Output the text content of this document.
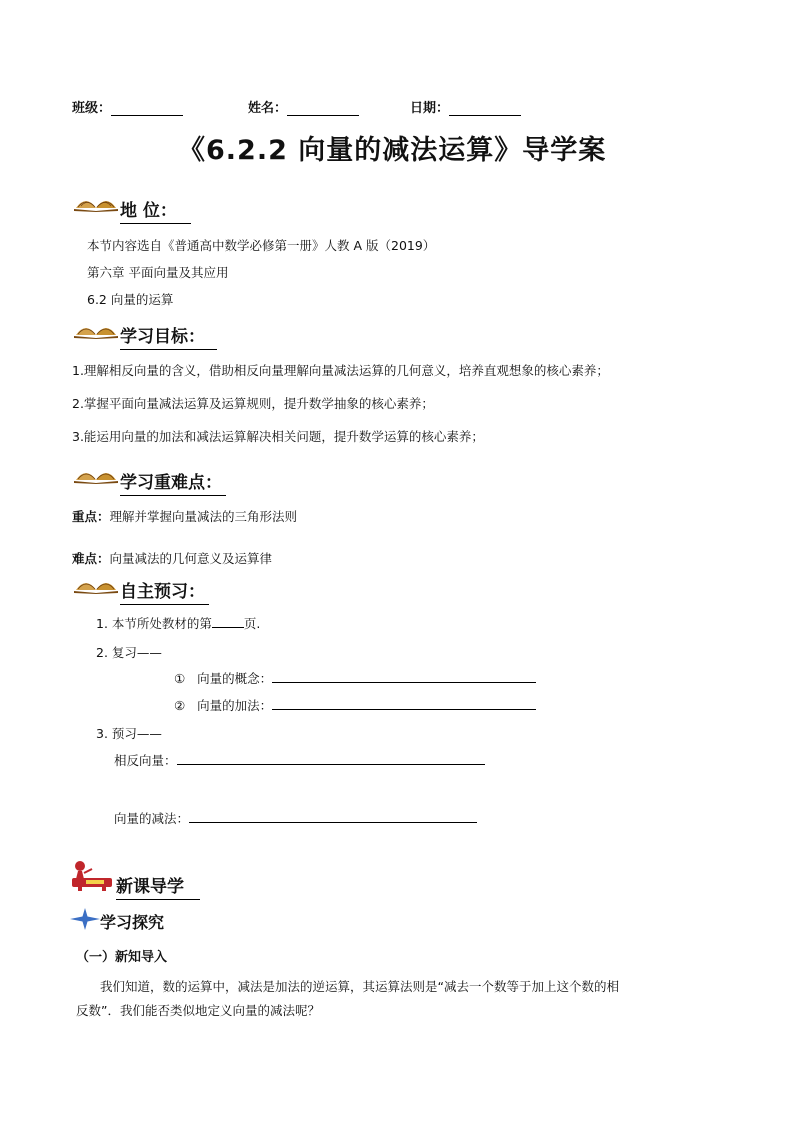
班级：	姓名：	日期：
《6.2.2 向量的减法运算》导学案
地 位：
本节内容选自《普通高中数学必修第一册》人教 A 版（2019）
第六章 平面向量及其应用
6.2 向量的运算
学习目标：
1.理解相反向量的含义，借助相反向量理解向量减法运算的几何意义，培养直观想象的核心素养；
2.掌握平面向量减法运算及运算规则，提升数学抽象的核心素养；
3.能运用向量的加法和减法运算解决相关问题，提升数学运算的核心素养；
学习重难点：
重点：理解并掌握向量减法的三角形法则
难点：向量减法的几何意义及运算律
自主预习：
1. 本节所处教材的第	页.
2. 复习——
① 向量的概念：
② 向量的加法：
3. 预习——
相反向量：
向量的减法：
新课导学
学习探究
（一）新知导入
我们知道，数的运算中，减法是加法的逆运算，其运算法则是“减去一个数等于加上这个数的相
反数”．我们能否类似地定义向量的减法呢？
